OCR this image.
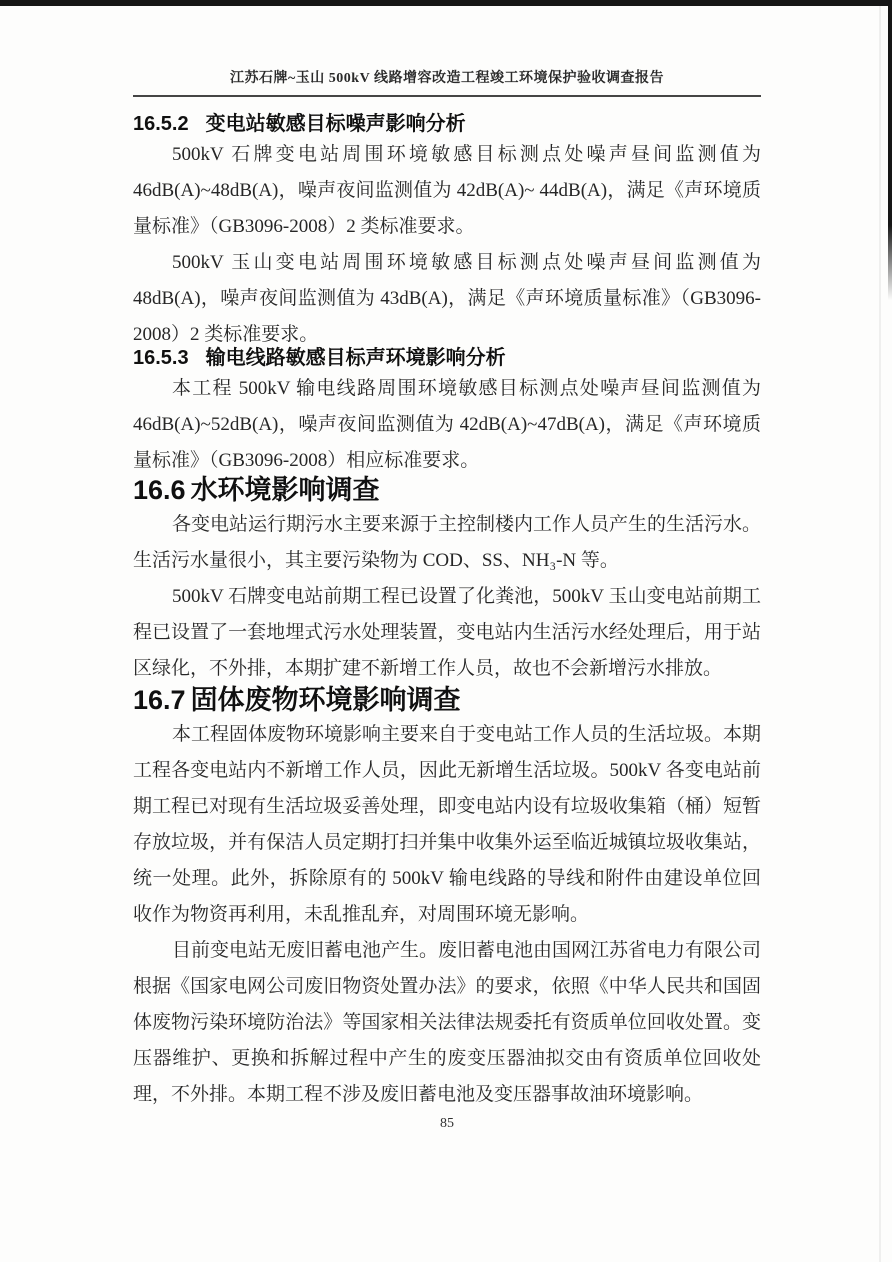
江苏石牌~玉山 500kV 线路增容改造工程竣工环境保护验收调查报告
16.5.2 变电站敏感目标噪声影响分析

500kV 石牌变电站周围环境敏感目标测点处噪声昼间监测值为 46dB(A)~48dB(A)，噪声夜间监测值为 42dB(A)~ 44dB(A)，满足《声环境质量标准》（GB3096-2008）2 类标准要求。

500kV 玉山变电站周围环境敏感目标测点处噪声昼间监测值为 48dB(A)，噪声夜间监测值为 43dB(A)，满足《声环境质量标准》（GB3096-2008）2 类标准要求。

16.5.3 输电线路敏感目标声环境影响分析

本工程 500kV 输电线路周围环境敏感目标测点处噪声昼间监测值为 46dB(A)~52dB(A)，噪声夜间监测值为 42dB(A)~47dB(A)，满足《声环境质量标准》（GB3096-2008）相应标准要求。

16.6 水环境影响调查

各变电站运行期污水主要来源于主控制楼内工作人员产生的生活污水。生活污水量很小，其主要污染物为 COD、SS、NH₃-N 等。

500kV 石牌变电站前期工程已设置了化粪池，500kV 玉山变电站前期工程已设置了一套地埋式污水处理装置，变电站内生活污水经处理后，用于站区绿化，不外排，本期扩建不新增工作人员，故也不会新增污水排放。

16.7 固体废物环境影响调查

本工程固体废物环境影响主要来自于变电站工作人员的生活垃圾。本期工程各变电站内不新增工作人员，因此无新增生活垃圾。500kV 各变电站前期工程已对现有生活垃圾妥善处理，即变电站内设有垃圾收集箱（桶）短暂存放垃圾，并有保洁人员定期打扫并集中收集外运至临近城镇垃圾收集站，统一处理。此外，拆除原有的 500kV 输电线路的导线和附件由建设单位回收作为物资再利用，未乱推乱弃，对周围环境无影响。

目前变电站无废旧蓄电池产生。废旧蓄电池由国网江苏省电力有限公司根据《国家电网公司废旧物资处置办法》的要求，依照《中华人民共和国固体废物污染环境防治法》等国家相关法律法规委托有资质单位回收处置。变压器维护、更换和拆解过程中产生的废变压器油拟交由有资质单位回收处理，不外排。本期工程不涉及废旧蓄电池及变压器事故油环境影响。

85
